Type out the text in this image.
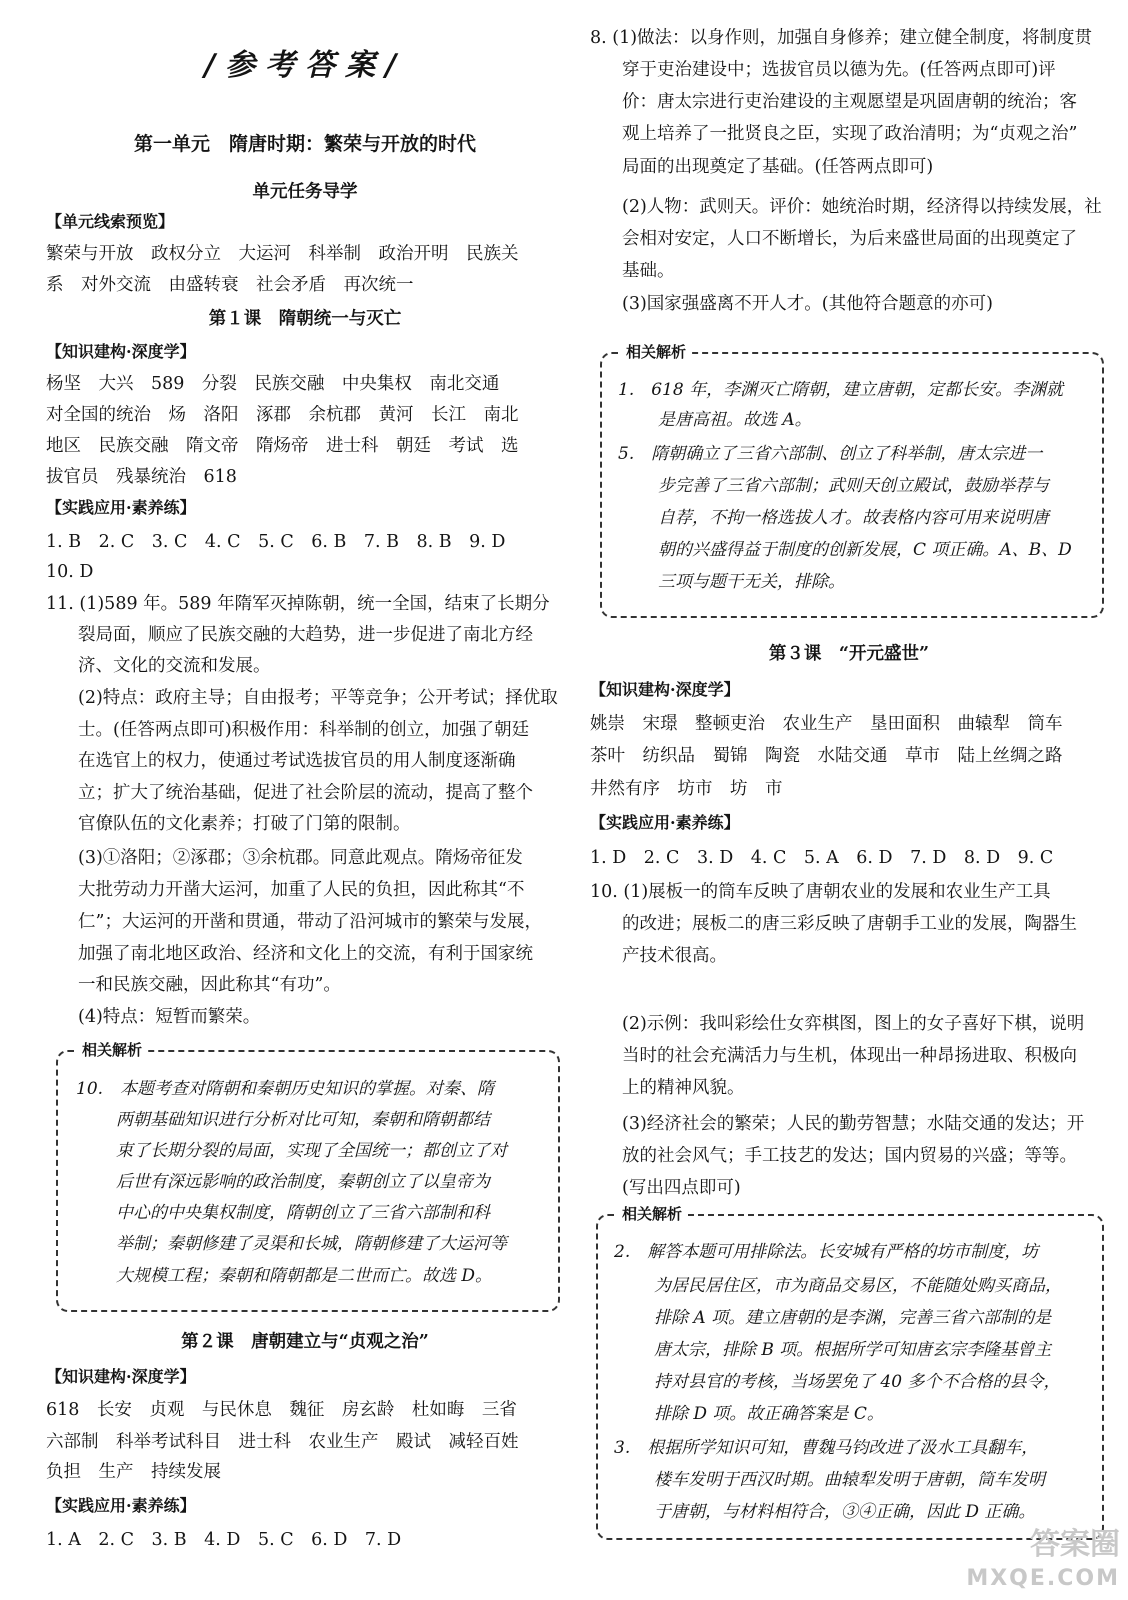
/参考答案/
第一单元　隋唐时期：繁荣与开放的时代
单元任务导学
【单元线索预览】
繁荣与开放　政权分立　大运河　科举制　政治开明　民族关
系　对外交流　由盛转衰　社会矛盾　再次统一
第１课　隋朝统一与灭亡
【知识建构·深度学】
杨坚　大兴　589　分裂　民族交融　中央集权　南北交通
对全国的统治　炀　洛阳　涿郡　余杭郡　黄河　长江　南北
地区　民族交融　隋文帝　隋炀帝　进士科　朝廷　考试　选
拔官员　残暴统治　618
【实践应用·素养练】
1. B　2. C　3. C　4. C　5. C　6. B　7. B　8. B　9. D
10. D
11. (1)589 年。589 年隋军灭掉陈朝，统一全国，结束了长期分
裂局面，顺应了民族交融的大趋势，进一步促进了南北方经
济、文化的交流和发展。
(2)特点：政府主导；自由报考；平等竞争；公开考试；择优取
士。(任答两点即可)积极作用：科举制的创立，加强了朝廷
在选官上的权力，使通过考试选拔官员的用人制度逐渐确
立；扩大了统治基础，促进了社会阶层的流动，提高了整个
官僚队伍的文化素养；打破了门第的限制。
(3)①洛阳；②涿郡；③余杭郡。同意此观点。隋炀帝征发
大批劳动力开凿大运河，加重了人民的负担，因此称其“不
仁”；大运河的开凿和贯通，带动了沿河城市的繁荣与发展，
加强了南北地区政治、经济和文化上的交流，有利于国家统
一和民族交融，因此称其“有功”。
(4)特点：短暂而繁荣。
相关解析
10.　本题考查对隋朝和秦朝历史知识的掌握。对秦、隋
两朝基础知识进行分析对比可知，秦朝和隋朝都结
束了长期分裂的局面，实现了全国统一；都创立了对
后世有深远影响的政治制度，秦朝创立了以皇帝为
中心的中央集权制度，隋朝创立了三省六部制和科
举制；秦朝修建了灵渠和长城，隋朝修建了大运河等
大规模工程；秦朝和隋朝都是二世而亡。故选 D。
第２课　唐朝建立与“贞观之治”
【知识建构·深度学】
618　长安　贞观　与民休息　魏征　房玄龄　杜如晦　三省
六部制　科举考试科目　进士科　农业生产　殿试　减轻百姓
负担　生产　持续发展
【实践应用·素养练】
1. A　2. C　3. B　4. D　5. C　6. D　7. D
8. (1)做法：以身作则，加强自身修养；建立健全制度，将制度贯
穿于吏治建设中；选拔官员以德为先。(任答两点即可)评
价：唐太宗进行吏治建设的主观愿望是巩固唐朝的统治；客
观上培养了一批贤良之臣，实现了政治清明；为“贞观之治”
局面的出现奠定了基础。(任答两点即可)
(2)人物：武则天。评价：她统治时期，经济得以持续发展，社
会相对安定，人口不断增长，为后来盛世局面的出现奠定了
基础。
(3)国家强盛离不开人才。(其他符合题意的亦可)
相关解析
1.　618 年，李渊灭亡隋朝，建立唐朝，定都长安。李渊就
是唐高祖。故选 A。
5.　隋朝确立了三省六部制、创立了科举制，唐太宗进一
步完善了三省六部制；武则天创立殿试，鼓励举荐与
自荐，不拘一格选拔人才。故表格内容可用来说明唐
朝的兴盛得益于制度的创新发展，C 项正确。A、B、D
三项与题干无关，排除。
第３课　“开元盛世”
【知识建构·深度学】
姚崇　宋璟　整顿吏治　农业生产　垦田面积　曲辕犁　筒车
茶叶　纺织品　蜀锦　陶瓷　水陆交通　草市　陆上丝绸之路
井然有序　坊市　坊　市
【实践应用·素养练】
1. D　2. C　3. D　4. C　5. A　6. D　7. D　8. D　9. C
10. (1)展板一的筒车反映了唐朝农业的发展和农业生产工具
的改进；展板二的唐三彩反映了唐朝手工业的发展，陶器生
产技术很高。
(2)示例：我叫彩绘仕女弈棋图，图上的女子喜好下棋，说明
当时的社会充满活力与生机，体现出一种昂扬进取、积极向
上的精神风貌。
(3)经济社会的繁荣；人民的勤劳智慧；水陆交通的发达；开
放的社会风气；手工技艺的发达；国内贸易的兴盛；等等。
(写出四点即可)
相关解析
2.　解答本题可用排除法。长安城有严格的坊市制度，坊
为居民居住区，市为商品交易区，不能随处购买商品，
排除 A 项。建立唐朝的是李渊，完善三省六部制的是
唐太宗，排除 B 项。根据所学可知唐玄宗李隆基曾主
持对县官的考核，当场罢免了 40 多个不合格的县令，
排除 D 项。故正确答案是 C。
3.　根据所学知识可知，曹魏马钧改进了汲水工具翻车，
楼车发明于西汉时期。曲辕犁发明于唐朝，筒车发明
于唐朝，与材料相符合，③④正确，因此 D 正确。
答案圈
MXQE.COM
